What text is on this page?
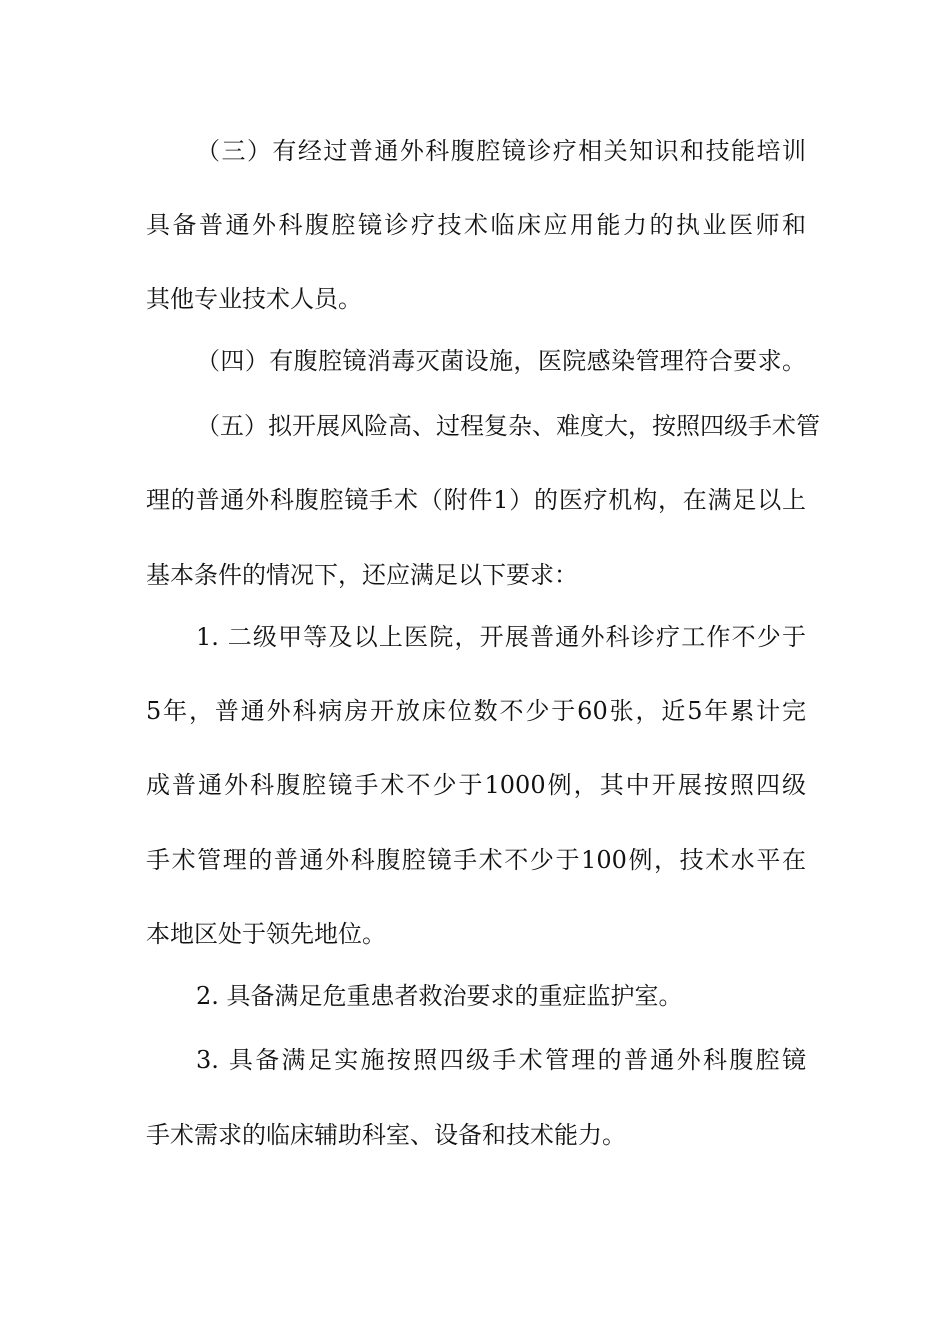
（三）有经过普通外科腹腔镜诊疗相关知识和技能培训
具备普通外科腹腔镜诊疗技术临床应用能力的执业医师和
其他专业技术人员。
（四）有腹腔镜消毒灭菌设施，医院感染管理符合要求。
（五）拟开展风险高、过程复杂、难度大，按照四级手术管
理的普通外科腹腔镜手术（附件1）的医疗机构，在满足以上
基本条件的情况下，还应满足以下要求：
1. 二级甲等及以上医院，开展普通外科诊疗工作不少于
5年，普通外科病房开放床位数不少于60张，近5年累计完
成普通外科腹腔镜手术不少于1000例，其中开展按照四级
手术管理的普通外科腹腔镜手术不少于100例，技术水平在
本地区处于领先地位。
2. 具备满足危重患者救治要求的重症监护室。
3. 具备满足实施按照四级手术管理的普通外科腹腔镜
手术需求的临床辅助科室、设备和技术能力。
